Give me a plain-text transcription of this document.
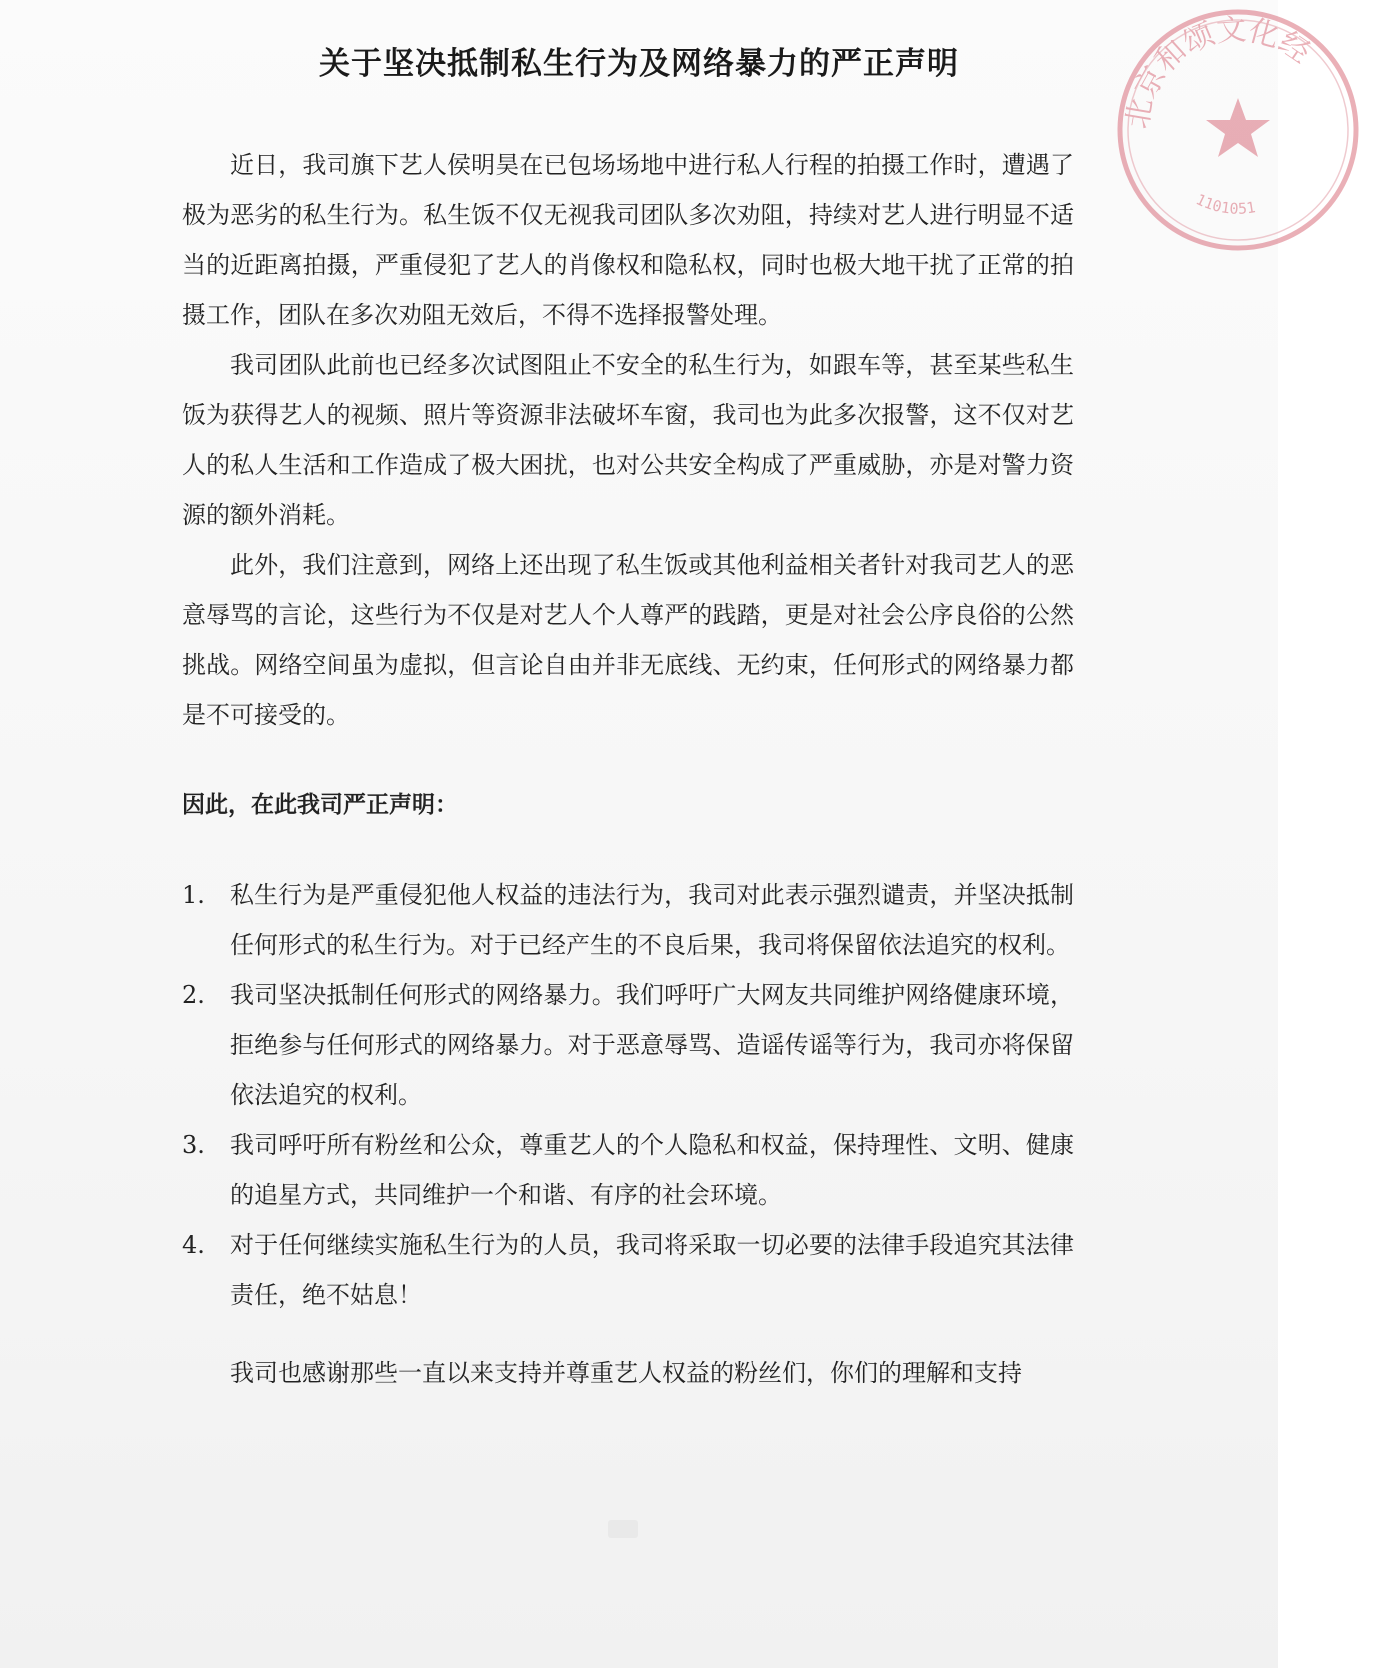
北京和颂文化经
1101051
关于坚决抵制私生行为及网络暴力的严正声明

近日，我司旗下艺人侯明昊在已包场场地中进行私人行程的拍摄工作时，遭遇了极为恶劣的私生行为。私生饭不仅无视我司团队多次劝阻，持续对艺人进行明显不适当的近距离拍摄，严重侵犯了艺人的肖像权和隐私权，同时也极大地干扰了正常的拍摄工作，团队在多次劝阻无效后，不得不选择报警处理。

我司团队此前也已经多次试图阻止不安全的私生行为，如跟车等，甚至某些私生饭为获得艺人的视频、照片等资源非法破坏车窗，我司也为此多次报警，这不仅对艺人的私人生活和工作造成了极大困扰，也对公共安全构成了严重威胁，亦是对警力资源的额外消耗。

此外，我们注意到，网络上还出现了私生饭或其他利益相关者针对我司艺人的恶意辱骂的言论，这些行为不仅是对艺人个人尊严的践踏，更是对社会公序良俗的公然挑战。网络空间虽为虚拟，但言论自由并非无底线、无约束，任何形式的网络暴力都是不可接受的。

因此，在此我司严正声明：

1.	私生行为是严重侵犯他人权益的违法行为，我司对此表示强烈谴责，并坚决抵制任何形式的私生行为。对于已经产生的不良后果，我司将保留依法追究的权利。
2.	我司坚决抵制任何形式的网络暴力。我们呼吁广大网友共同维护网络健康环境，拒绝参与任何形式的网络暴力。对于恶意辱骂、造谣传谣等行为，我司亦将保留依法追究的权利。
3.	我司呼吁所有粉丝和公众，尊重艺人的个人隐私和权益，保持理性、文明、健康的追星方式，共同维护一个和谐、有序的社会环境。
4.	对于任何继续实施私生行为的人员，我司将采取一切必要的法律手段追究其法律责任，绝不姑息！

我司也感谢那些一直以来支持并尊重艺人权益的粉丝们，你们的理解和支持
